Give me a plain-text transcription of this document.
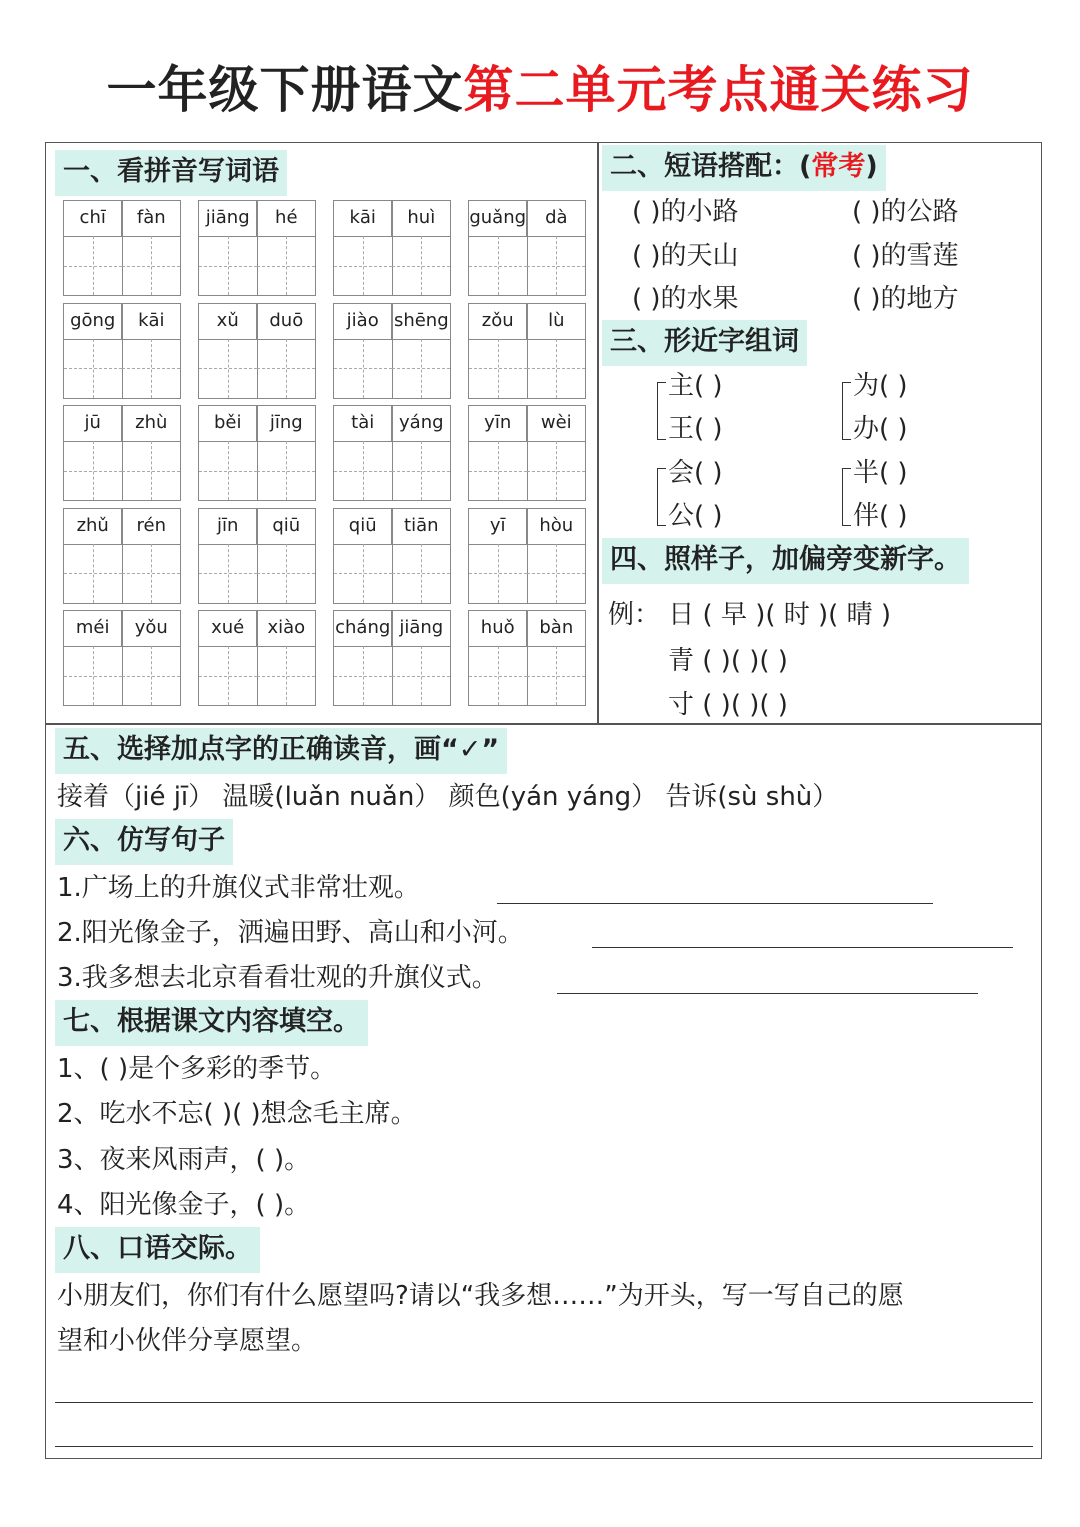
一年级下册语文第二单元考点通关练习
一、看拼音写词语
chī	fàn	jiāng	hé	kāi	huì	guǎng	dà
gōng	kāi	xǔ	duō	jiào shēng	zǒu	lù
jū	zhù	běi	jīng	tài	yáng	yīn	wèi
zhǔ	rén	jīn	qiū	qiū	tiān	yī	hòu
méi	yǒu	xué	xiào	cháng jiāng	huǒ	bàn
二、短语搭配：(常考)
( )的小路	( )的公路
( )的天山	( )的雪莲
( )的水果	( )的地方
三、形近字组词
主( )	为( )
王( )	办( )
会( )	半( )
公( )	伴( )
四、照样子，加偏旁变新字。
例： 日 ( 早 )( 时 )( 晴 )
青 ( )( )( )
寸 ( )( )( )
五、选择加点字的正确读音，画“✓”
接着（jié jī） 温暖(luǎn nuǎn） 颜色(yán yáng） 告诉(sù shù）
六、仿写句子
1.广场上的升旗仪式非常壮观。
2.阳光像金子，洒遍田野、高山和小河。
3.我多想去北京看看壮观的升旗仪式。
七、根据课文内容填空。
1、( )是个多彩的季节。
2、吃水不忘( )( )想念毛主席。
3、夜来风雨声，( )。
4、阳光像金子，( )。
八、口语交际。
小朋友们，你们有什么愿望吗?请以“我多想……”为开头，写一写自己的愿
望和小伙伴分享愿望。
